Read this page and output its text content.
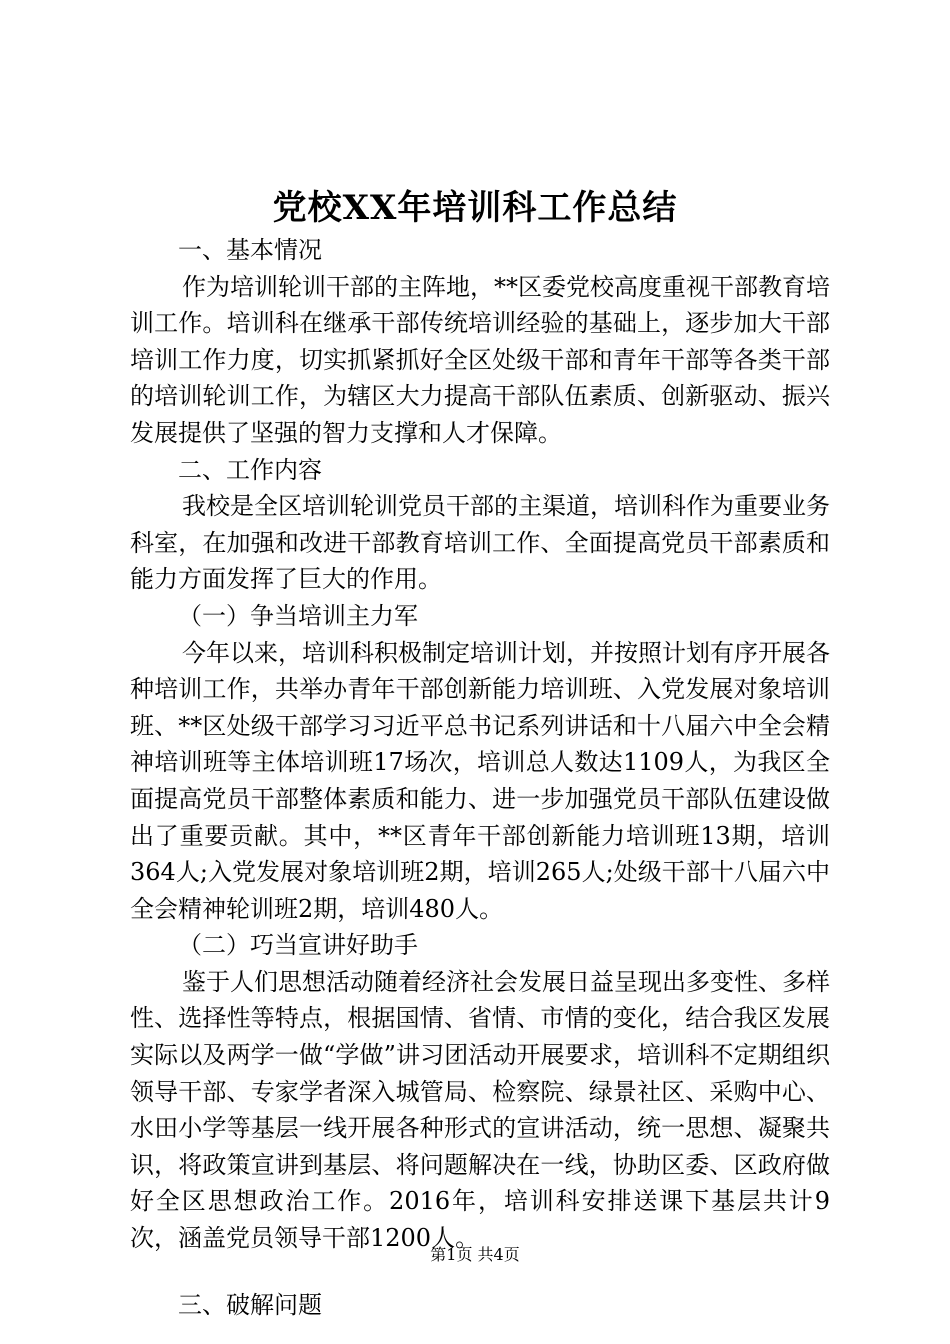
党校XX年培训科工作总结

一、基本情况

作为培训轮训干部的主阵地，**区委党校高度重视干部教育培训工作。培训科在继承干部传统培训经验的基础上，逐步加大干部培训工作力度，切实抓紧抓好全区处级干部和青年干部等各类干部的培训轮训工作，为辖区大力提高干部队伍素质、创新驱动、振兴发展提供了坚强的智力支撑和人才保障。

二、工作内容

我校是全区培训轮训党员干部的主渠道，培训科作为重要业务科室，在加强和改进干部教育培训工作、全面提高党员干部素质和能力方面发挥了巨大的作用。

（一）争当培训主力军

今年以来，培训科积极制定培训计划，并按照计划有序开展各种培训工作，共举办青年干部创新能力培训班、入党发展对象培训班、**区处级干部学习习近平总书记系列讲话和十八届六中全会精神培训班等主体培训班17场次，培训总人数达1109人，为我区全面提高党员干部整体素质和能力、进一步加强党员干部队伍建设做出了重要贡献。其中，**区青年干部创新能力培训班13期，培训364人;入党发展对象培训班2期，培训265人;处级干部十八届六中全会精神轮训班2期，培训480人。

（二）巧当宣讲好助手

鉴于人们思想活动随着经济社会发展日益呈现出多变性、多样性、选择性等特点，根据国情、省情、市情的变化，结合我区发展实际以及两学一做“学做”讲习团活动开展要求，培训科不定期组织领导干部、专家学者深入城管局、检察院、绿景社区、采购中心、水田小学等基层一线开展各种形式的宣讲活动，统一思想、凝聚共识，将政策宣讲到基层、将问题解决在一线，协助区委、区政府做好全区思想政治工作。2016年，培训科安排送课下基层共计9次，涵盖党员领导干部1200人。

三、破解问题

第1页 共4页
